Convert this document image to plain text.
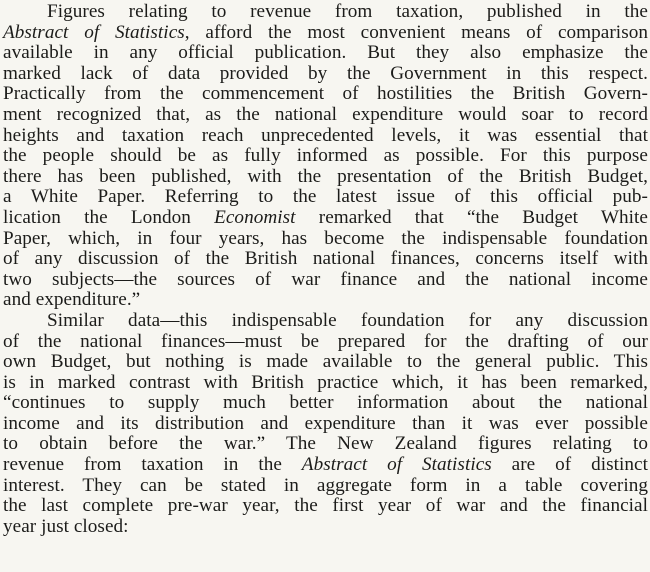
Figures relating to revenue from taxation, published in the
Abstract of Statistics, afford the most convenient means of comparison
available in any official publication. But they also emphasize the
marked lack of data provided by the Government in this respect.
Practically from the commencement of hostilities the British Govern-
ment recognized that, as the national expenditure would soar to record
heights and taxation reach unprecedented levels, it was essential that
the people should be as fully informed as possible. For this purpose
there has been published, with the presentation of the British Budget,
a White Paper. Referring to the latest issue of this official pub-
lication the London Economist remarked that “the Budget White
Paper, which, in four years, has become the indispensable foundation
of any discussion of the British national finances, concerns itself with
two subjects—the sources of war finance and the national income
and expenditure.”
Similar data—this indispensable foundation for any discussion
of the national finances—must be prepared for the drafting of our
own Budget, but nothing is made available to the general public. This
is in marked contrast with British practice which, it has been remarked,
“continues to supply much better information about the national
income and its distribution and expenditure than it was ever possible
to obtain before the war.” The New Zealand figures relating to
revenue from taxation in the Abstract of Statistics are of distinct
interest. They can be stated in aggregate form in a table covering
the last complete pre-war year, the first year of war and the financial
year just closed:
